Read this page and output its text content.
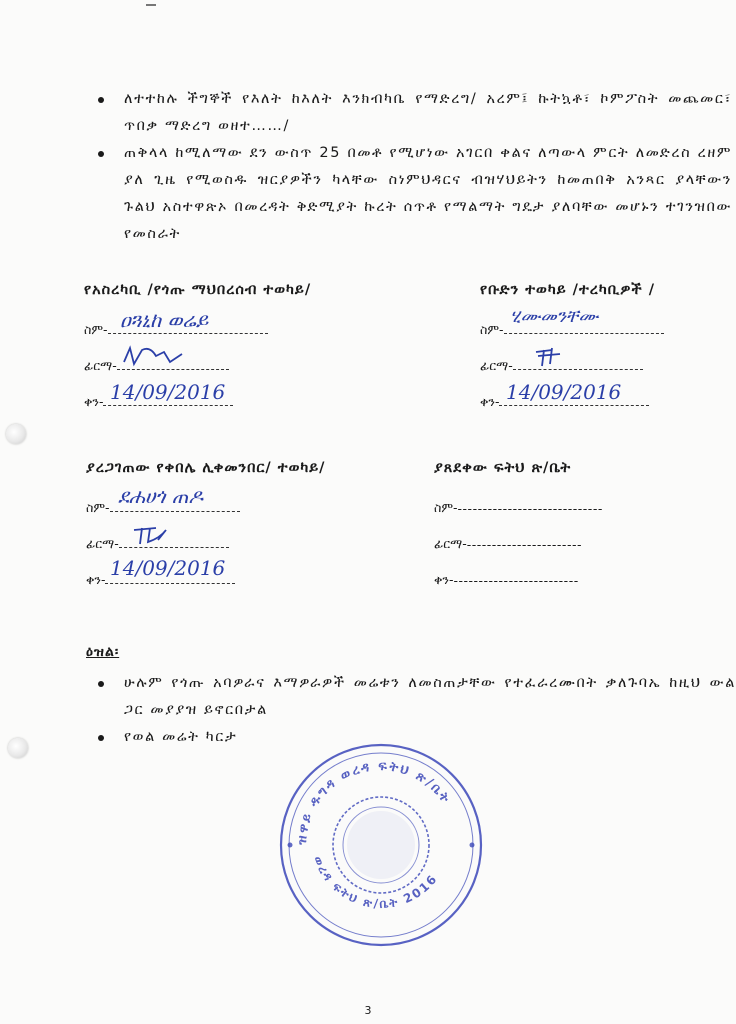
ለተተከሉ ችግኞች የእለት ከእለት እንክብካቤ የማድረግ/ አረም፤ ኩትኳቶ፣ ኮምፖስት መጨመር፣ ጥበቃ ማድረግ ወዘተ……/
ጠቅላላ ከሚለማው ደን ውስጥ 25 በመቶ የሚሆነው አገርበ ቀልና ለጣውላ ምርት ለመድረስ ረዘም ያለ ጊዜ የሚወስዱ ዝርያዎችን ካላቸው ስነምህዳርና ብዝሃህይትን ከመጠበቅ አንጻር ያላቸውን ጉልህ አስተዋጽኦ በመረዳት ቅድሚያት ኩረት ሰጥቶ የማልማት ግዴታ ያለባቸው መሆኑን ተገንዝበው የመስራት
የአስረካቢ /የጎጡ ማህበረሰብ ተወካይ/
ስም- ዐጓኒከ ወሬይ
ፊርማ-
ቀን- 14/09/2016
የቡድን ተወካይ /ተረካቢዎች /
ስም-
ሂሙመንቸሙ
ፊርማ-
ቀን- 14/09/2016
ያረጋገጠው የቀበሌ ሊቀመንበር/ ተወካይ/
ስም- ደሐሀጎ ጠዶ
ፊርማ-
ቀን- 14/09/2016
ያጸደቀው ፍትህ ጽ/ቤት
ስም- -----------------------------
ፊርማ- -----------------------
ቀን- -------------------------
ዕዝል፡
ሁሉም የጎጡ አባዎራና እማዎራዎች መሬቱን ለመስጠታቸው የተፈራረሙበት ቃለጉባኤ ከዚህ ውል ጋር መያያዝ ይኖርበታል
የወል መሬት ካርታ
ዝዋይ ዱግዳ ወረዳ ፍትህ ጽ/ቤት
ወረዳ ፍትህ ጽ/ቤት 2016
3
